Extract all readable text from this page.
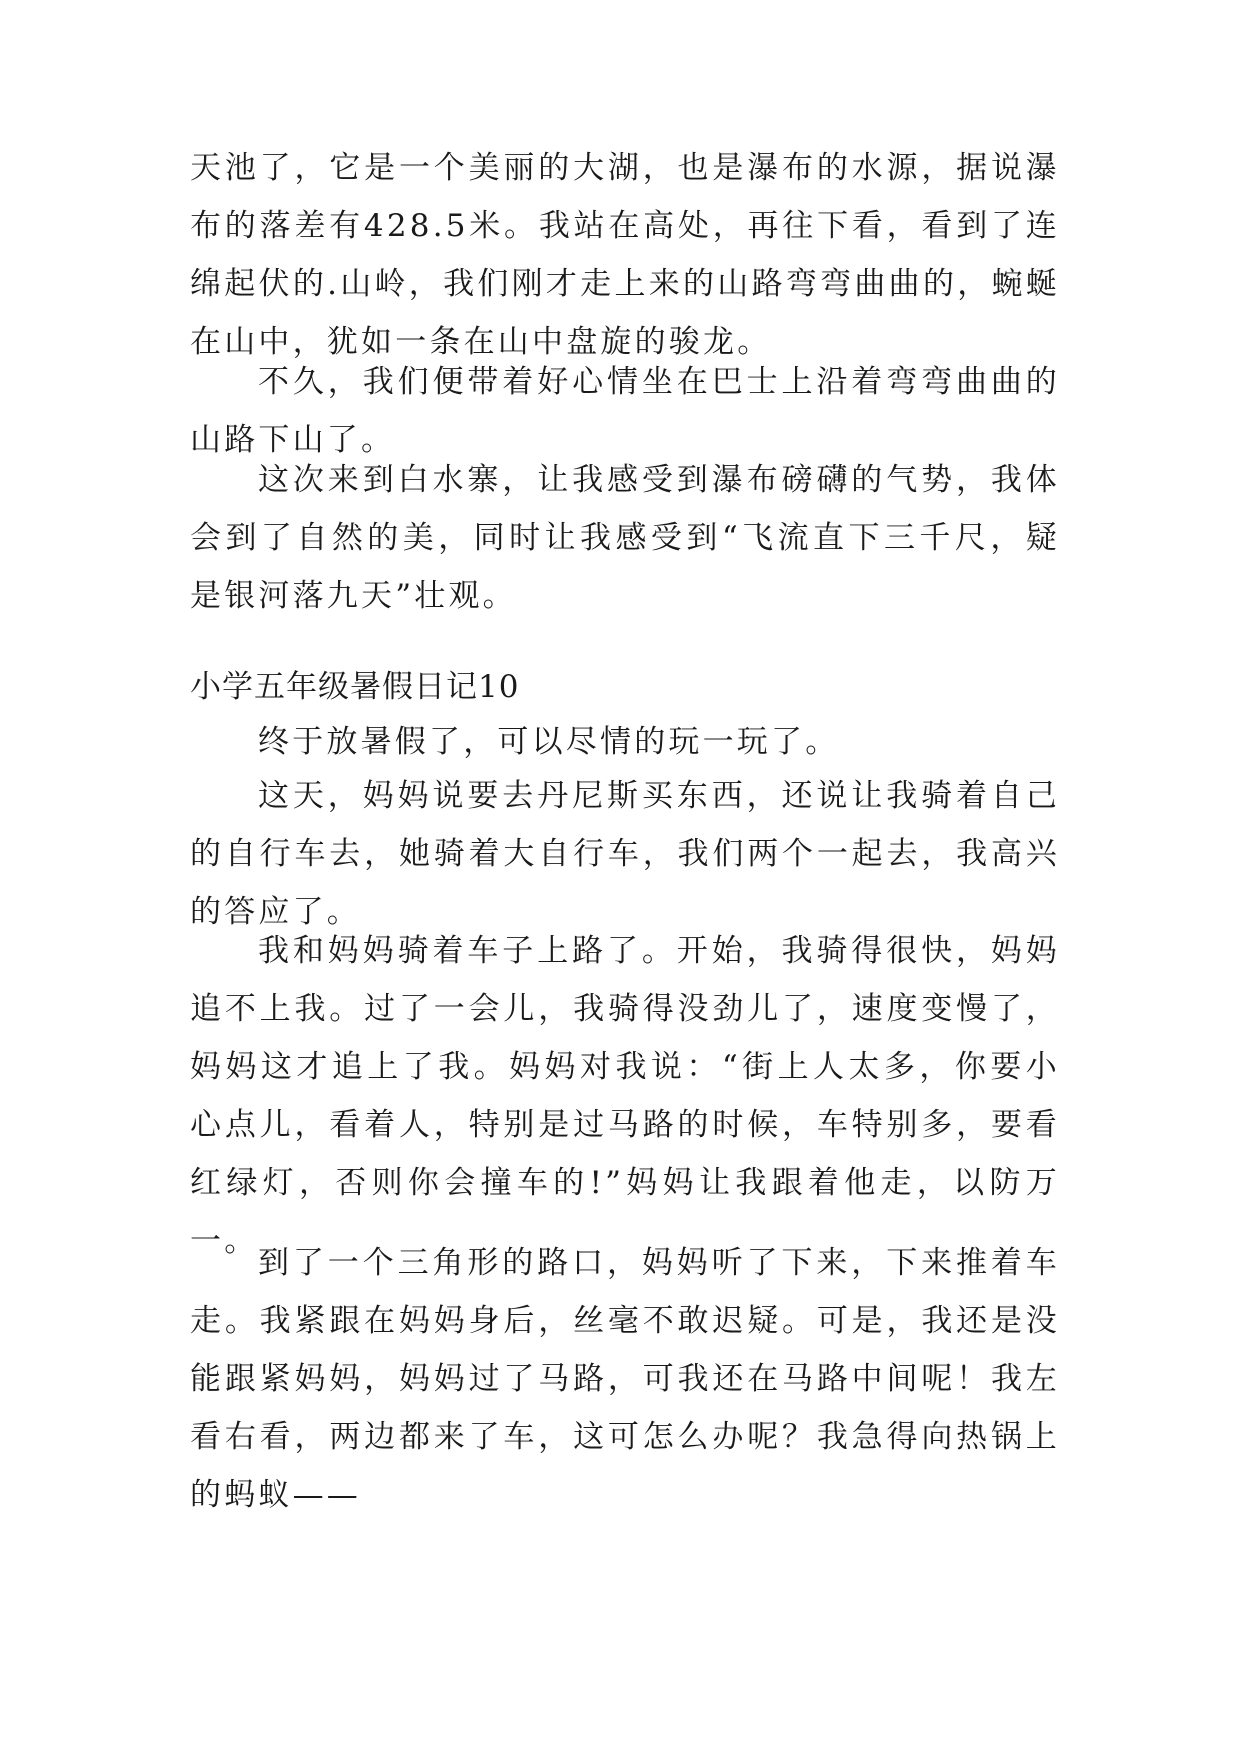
天池了，它是一个美丽的大湖，也是瀑布的水源，据说瀑布的落差有428.5米。我站在高处，再往下看，看到了连绵起伏的.山岭，我们刚才走上来的山路弯弯曲曲的，蜿蜒在山中，犹如一条在山中盘旋的骏龙。

不久，我们便带着好心情坐在巴士上沿着弯弯曲曲的山路下山了。

这次来到白水寨，让我感受到瀑布磅礴的气势，我体会到了自然的美，同时让我感受到“飞流直下三千尺，疑是银河落九天”壮观。

小学五年级暑假日记10

终于放暑假了，可以尽情的玩一玩了。

这天，妈妈说要去丹尼斯买东西，还说让我骑着自己的自行车去，她骑着大自行车，我们两个一起去，我高兴的答应了。

我和妈妈骑着车子上路了。开始，我骑得很快，妈妈追不上我。过了一会儿，我骑得没劲儿了，速度变慢了，妈妈这才追上了我。妈妈对我说：“街上人太多，你要小心点儿，看着人，特别是过马路的时候，车特别多，要看红绿灯，否则你会撞车的!”妈妈让我跟着他走，以防万一。

到了一个三角形的路口，妈妈听了下来，下来推着车走。我紧跟在妈妈身后，丝毫不敢迟疑。可是，我还是没能跟紧妈妈，妈妈过了马路，可我还在马路中间呢！我左看右看，两边都来了车，这可怎么办呢？我急得向热锅上的蚂蚁——
